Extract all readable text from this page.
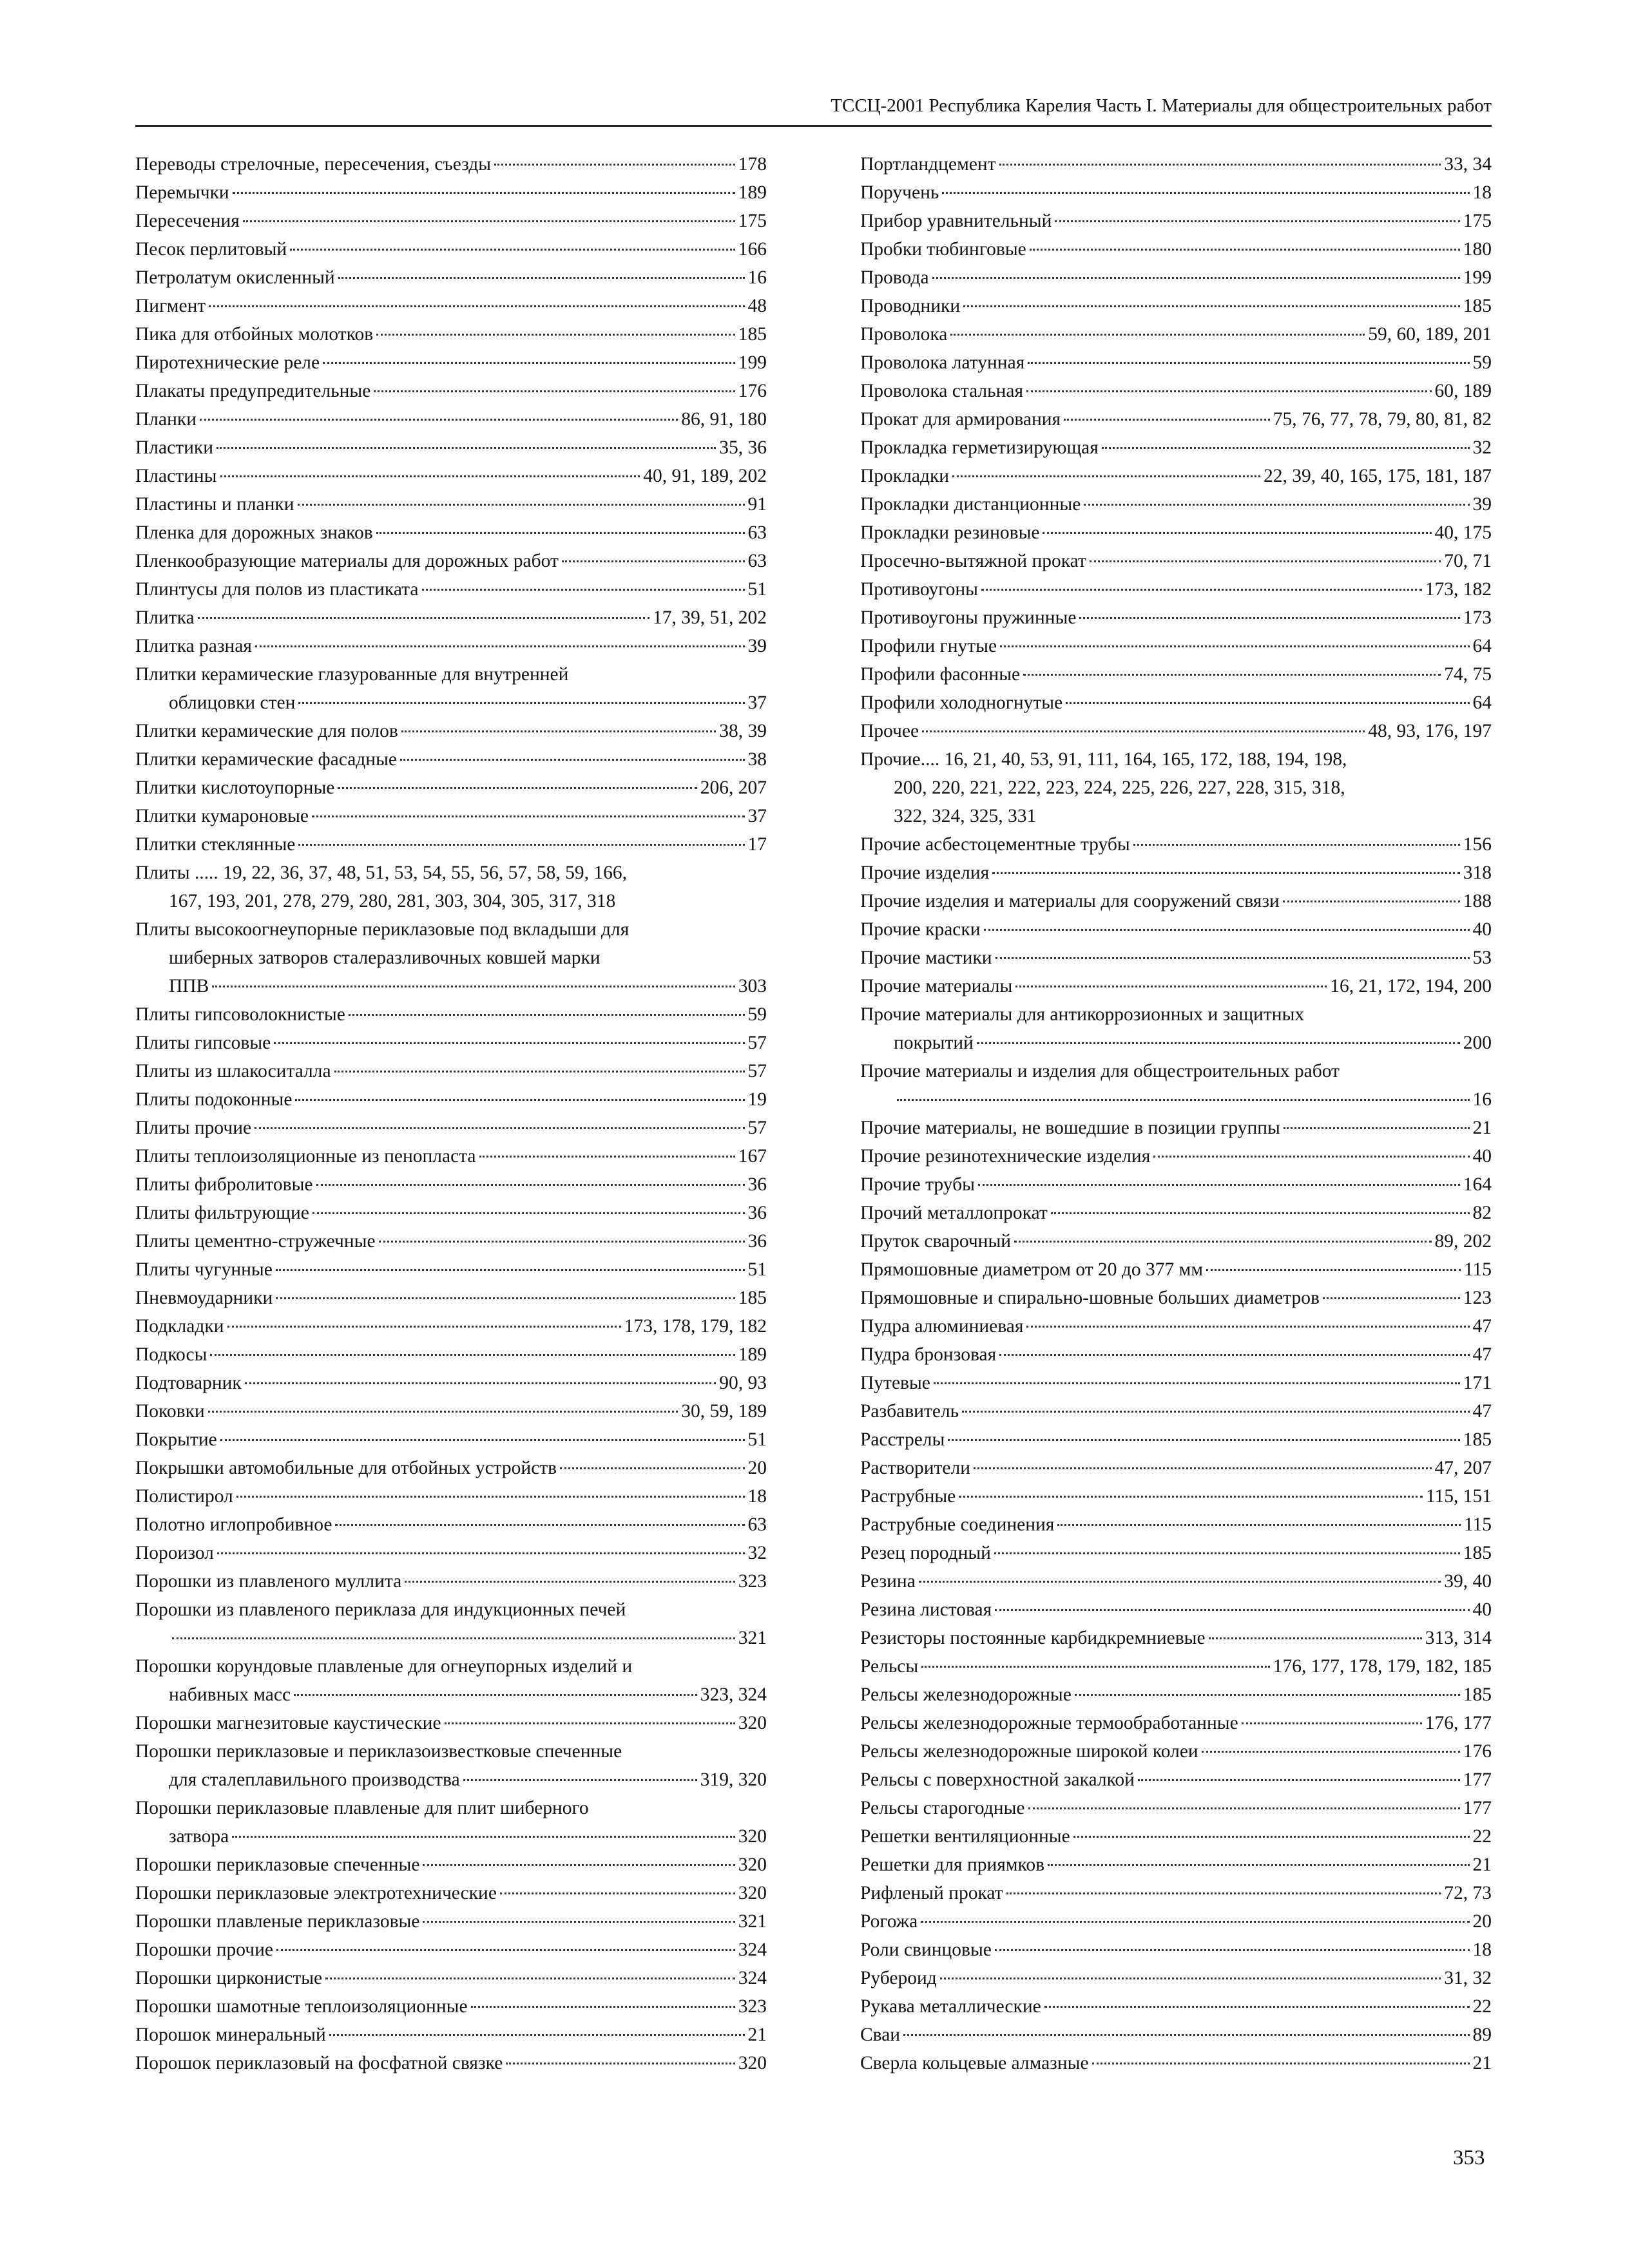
ТССЦ-2001 Республика Карелия Часть I. Материалы для общестроительных работ
Переводы стрелочные, пересечения, съезды	178
Перемычки	189
Пересечения	175
Песок перлитовый	166
Петролатум окисленный	16
Пигмент	48
Пика для отбойных молотков	185
Пиротехнические реле	199
Плакаты предупредительные	176
Планки	86, 91, 180
Пластики	35, 36
Пластины	40, 91, 189, 202
Пластины и планки	91
Пленка для дорожных знаков	63
Пленкообразующие материалы для дорожных работ	63
Плинтусы для полов из пластиката	51
Плитка	17, 39, 51, 202
Плитка разная	39
Плитки керамические глазурованные для внутренней
облицовки стен	37
Плитки керамические для полов	38, 39
Плитки керамические фасадные	38
Плитки кислотоупорные	206, 207
Плитки кумароновые	37
Плитки стеклянные	17
Плиты ..... 19, 22, 36, 37, 48, 51, 53, 54, 55, 56, 57, 58, 59, 166,
167, 193, 201, 278, 279, 280, 281, 303, 304, 305, 317, 318
Плиты высокоогнеупорные периклазовые под вкладыши для
шиберных затворов сталеразливочных ковшей марки
ППВ	303
Плиты гипсоволокнистые	59
Плиты гипсовые	57
Плиты из шлакоситалла	57
Плиты подоконные	19
Плиты прочие	57
Плиты теплоизоляционные из пенопласта	167
Плиты фибролитовые	36
Плиты фильтрующие	36
Плиты цементно-стружечные	36
Плиты чугунные	51
Пневмоударники	185
Подкладки	173, 178, 179, 182
Подкосы	189
Подтоварник	90, 93
Поковки	30, 59, 189
Покрытие	51
Покрышки автомобильные для отбойных устройств	20
Полистирол	18
Полотно иглопробивное	63
Пороизол	32
Порошки из плавленого муллита	323
Порошки из плавленого периклаза для индукционных печей
321
Порошки корундовые плавленые для огнеупорных изделий и
набивных масс	323, 324
Порошки магнезитовые каустические	320
Порошки периклазовые и периклазоизвестковые спеченные
для сталеплавильного производства	319, 320
Порошки периклазовые плавленые для плит шиберного
затвора	320
Порошки периклазовые спеченные	320
Порошки периклазовые электротехнические	320
Порошки плавленые периклазовые	321
Порошки прочие	324
Порошки цирконистые	324
Порошки шамотные теплоизоляционные	323
Порошок минеральный	21
Порошок периклазовый на фосфатной связке	320
Портландцемент	33, 34
Поручень	18
Прибор уравнительный	175
Пробки тюбинговые	180
Провода	199
Проводники	185
Проволока	59, 60, 189, 201
Проволока латунная	59
Проволока стальная	60, 189
Прокат для армирования	75, 76, 77, 78, 79, 80, 81, 82
Прокладка герметизирующая	32
Прокладки	22, 39, 40, 165, 175, 181, 187
Прокладки дистанционные	39
Прокладки резиновые	40, 175
Просечно-вытяжной прокат	70, 71
Противоугоны	173, 182
Противоугоны пружинные	173
Профили гнутые	64
Профили фасонные	74, 75
Профили холодногнутые	64
Прочее	48, 93, 176, 197
Прочие.... 16, 21, 40, 53, 91, 111, 164, 165, 172, 188, 194, 198,
200, 220, 221, 222, 223, 224, 225, 226, 227, 228, 315, 318,
322, 324, 325, 331
Прочие асбестоцементные трубы	156
Прочие изделия	318
Прочие изделия и материалы для сооружений связи	188
Прочие краски	40
Прочие мастики	53
Прочие материалы	16, 21, 172, 194, 200
Прочие материалы для антикоррозионных и защитных
покрытий	200
Прочие материалы и изделия для общестроительных работ
16
Прочие материалы, не вошедшие в позиции группы	21
Прочие резинотехнические изделия	40
Прочие трубы	164
Прочий металлопрокат	82
Пруток сварочный	89, 202
Прямошовные диаметром от 20 до 377 мм	115
Прямошовные и спирально-шовные больших диаметров	123
Пудра алюминиевая	47
Пудра бронзовая	47
Путевые	171
Разбавитель	47
Расстрелы	185
Растворители	47, 207
Раструбные	115, 151
Раструбные соединения	115
Резец породный	185
Резина	39, 40
Резина листовая	40
Резисторы постоянные карбидкремниевые	313, 314
Рельсы	176, 177, 178, 179, 182, 185
Рельсы железнодорожные	185
Рельсы железнодорожные термообработанные	176, 177
Рельсы железнодорожные широкой колеи	176
Рельсы с поверхностной закалкой	177
Рельсы старогодные	177
Решетки вентиляционные	22
Решетки для приямков	21
Рифленый прокат	72, 73
Рогожа	20
Роли свинцовые	18
Рубероид	31, 32
Рукава металлические	22
Сваи	89
Сверла кольцевые алмазные	21
353
